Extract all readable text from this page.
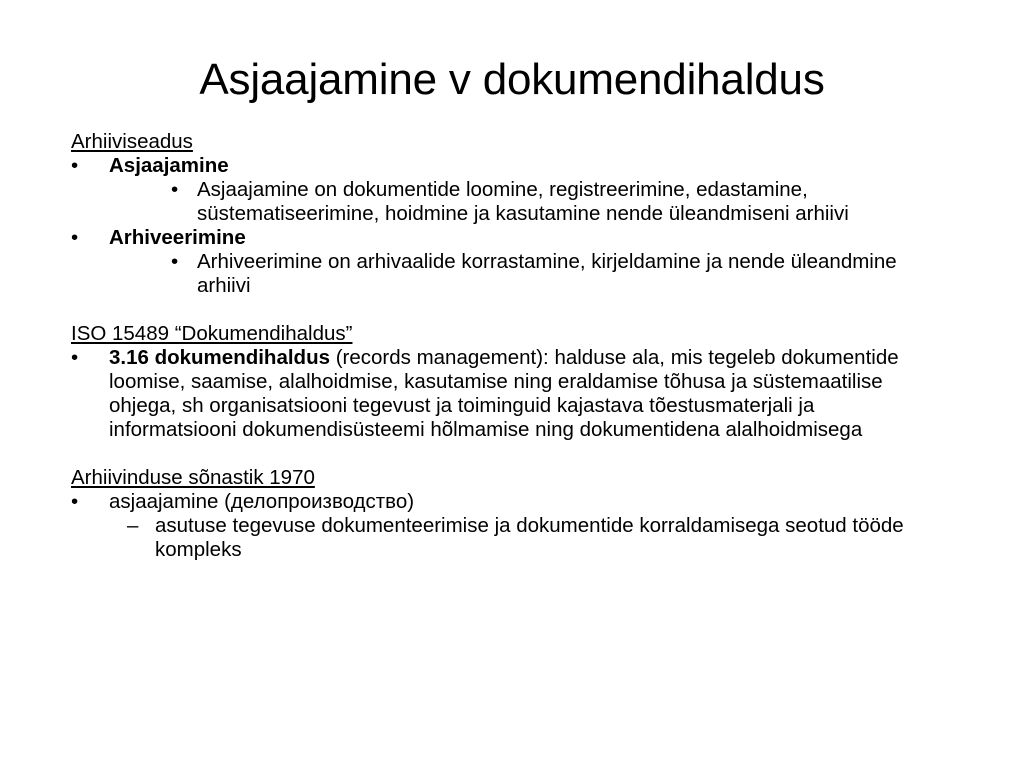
Asjaajamine v dokumendihaldus
Arhiiviseadus
• Asjaajamine
• Asjaajamine on dokumentide loomine, registreerimine, edastamine, süstematiseerimine, hoidmine ja kasutamine nende üleandmiseni arhiivi
• Arhiveerimine
• Arhiveerimine on arhivaalide korrastamine, kirjeldamine ja nende üleandmine arhiivi
ISO 15489 “Dokumendihaldus”
• 3.16 dokumendihaldus (records management): halduse ala, mis tegeleb dokumentide loomise, saamise, alalhoidmise, kasutamise ning eraldamise tõhusa ja süstemaatilise ohjega, sh organisatsiooni tegevust ja toiminguid kajastava tõestusmaterjali ja informatsiooni dokumendisüsteemi hõlmamise ning dokumentidena alalhoidmisega
Arhiivinduse sõnastik 1970
• asjaajamine (делопроизводство)
– asutuse tegevuse dokumenteerimise ja dokumentide korraldamisega seotud tööde kompleks
